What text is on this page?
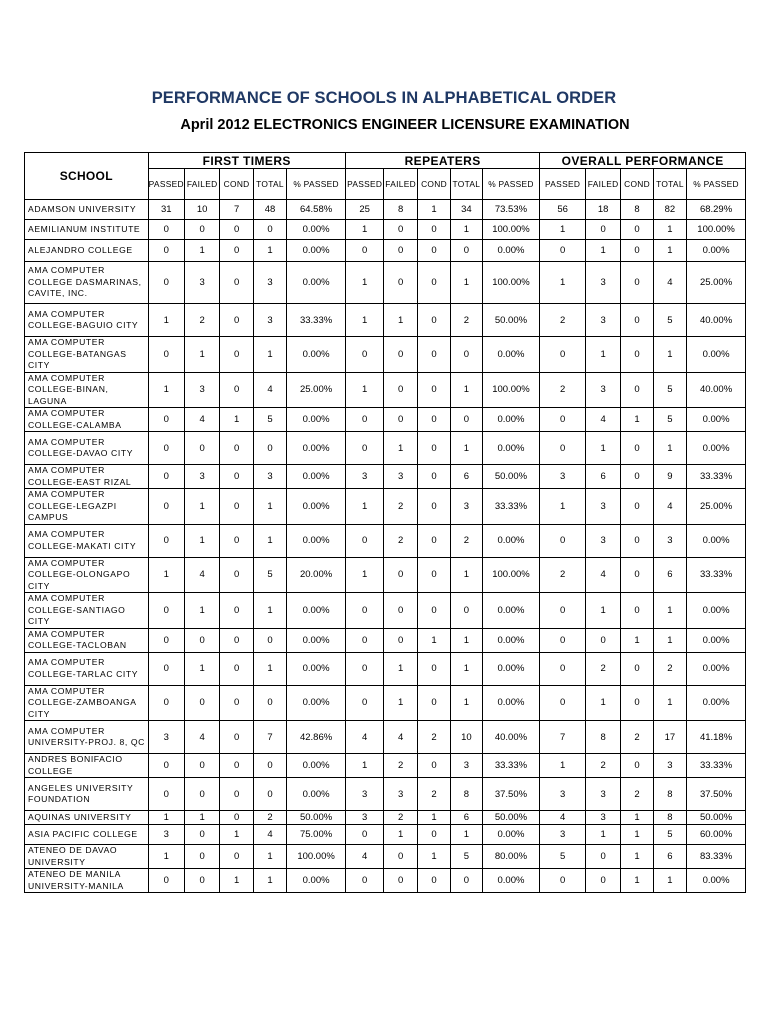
PERFORMANCE OF SCHOOLS IN ALPHABETICAL ORDER
April 2012 ELECTRONICS ENGINEER LICENSURE EXAMINATION
SCHOOL	FIRST TIMERS					REPEATERS					OVERALL PERFORMANCE				
	PASSED	FAILED	COND	TOTAL	% PASSED	PASSED	FAILED	COND	TOTAL	% PASSED	PASSED	FAILED	COND	TOTAL	% PASSED
ADAMSON UNIVERSITY	31	10	7	48	64.58%	25	8	1	34	73.53%	56	18	8	82	68.29%
AEMILIANUM INSTITUTE	0	0	0	0	0.00%	1	0	0	1	100.00%	1	0	0	1	100.00%
ALEJANDRO COLLEGE	0	1	0	1	0.00%	0	0	0	0	0.00%	0	1	0	1	0.00%
AMA COMPUTER COLLEGE DASMARINAS, CAVITE, INC.	0	3	0	3	0.00%	1	0	0	1	100.00%	1	3	0	4	25.00%
AMA COMPUTER COLLEGE-BAGUIO CITY	1	2	0	3	33.33%	1	1	0	2	50.00%	2	3	0	5	40.00%
AMA COMPUTER COLLEGE-BATANGAS CITY	0	1	0	1	0.00%	0	0	0	0	0.00%	0	1	0	1	0.00%
AMA COMPUTER COLLEGE-BINAN, LAGUNA	1	3	0	4	25.00%	1	0	0	1	100.00%	2	3	0	5	40.00%
AMA COMPUTER COLLEGE-CALAMBA	0	4	1	5	0.00%	0	0	0	0	0.00%	0	4	1	5	0.00%
AMA COMPUTER COLLEGE-DAVAO CITY	0	0	0	0	0.00%	0	1	0	1	0.00%	0	1	0	1	0.00%
AMA COMPUTER COLLEGE-EAST RIZAL	0	3	0	3	0.00%	3	3	0	6	50.00%	3	6	0	9	33.33%
AMA COMPUTER COLLEGE-LEGAZPI CAMPUS	0	1	0	1	0.00%	1	2	0	3	33.33%	1	3	0	4	25.00%
AMA COMPUTER COLLEGE-MAKATI CITY	0	1	0	1	0.00%	0	2	0	2	0.00%	0	3	0	3	0.00%
AMA COMPUTER COLLEGE-OLONGAPO CITY	1	4	0	5	20.00%	1	0	0	1	100.00%	2	4	0	6	33.33%
AMA COMPUTER COLLEGE-SANTIAGO CITY	0	1	0	1	0.00%	0	0	0	0	0.00%	0	1	0	1	0.00%
AMA COMPUTER COLLEGE-TACLOBAN	0	0	0	0	0.00%	0	0	1	1	0.00%	0	0	1	1	0.00%
AMA COMPUTER COLLEGE-TARLAC CITY	0	1	0	1	0.00%	0	1	0	1	0.00%	0	2	0	2	0.00%
AMA COMPUTER COLLEGE-ZAMBOANGA CITY	0	0	0	0	0.00%	0	1	0	1	0.00%	0	1	0	1	0.00%
AMA COMPUTER UNIVERSITY-PROJ. 8, QC	3	4	0	7	42.86%	4	4	2	10	40.00%	7	8	2	17	41.18%
ANDRES BONIFACIO COLLEGE	0	0	0	0	0.00%	1	2	0	3	33.33%	1	2	0	3	33.33%
ANGELES UNIVERSITY FOUNDATION	0	0	0	0	0.00%	3	3	2	8	37.50%	3	3	2	8	37.50%
AQUINAS UNIVERSITY	1	1	0	2	50.00%	3	2	1	6	50.00%	4	3	1	8	50.00%
ASIA PACIFIC COLLEGE	3	0	1	4	75.00%	0	1	0	1	0.00%	3	1	1	5	60.00%
ATENEO DE DAVAO UNIVERSITY	1	0	0	1	100.00%	4	0	1	5	80.00%	5	0	1	6	83.33%
ATENEO DE MANILA UNIVERSITY-MANILA	0	0	1	1	0.00%	0	0	0	0	0.00%	0	0	1	1	0.00%
